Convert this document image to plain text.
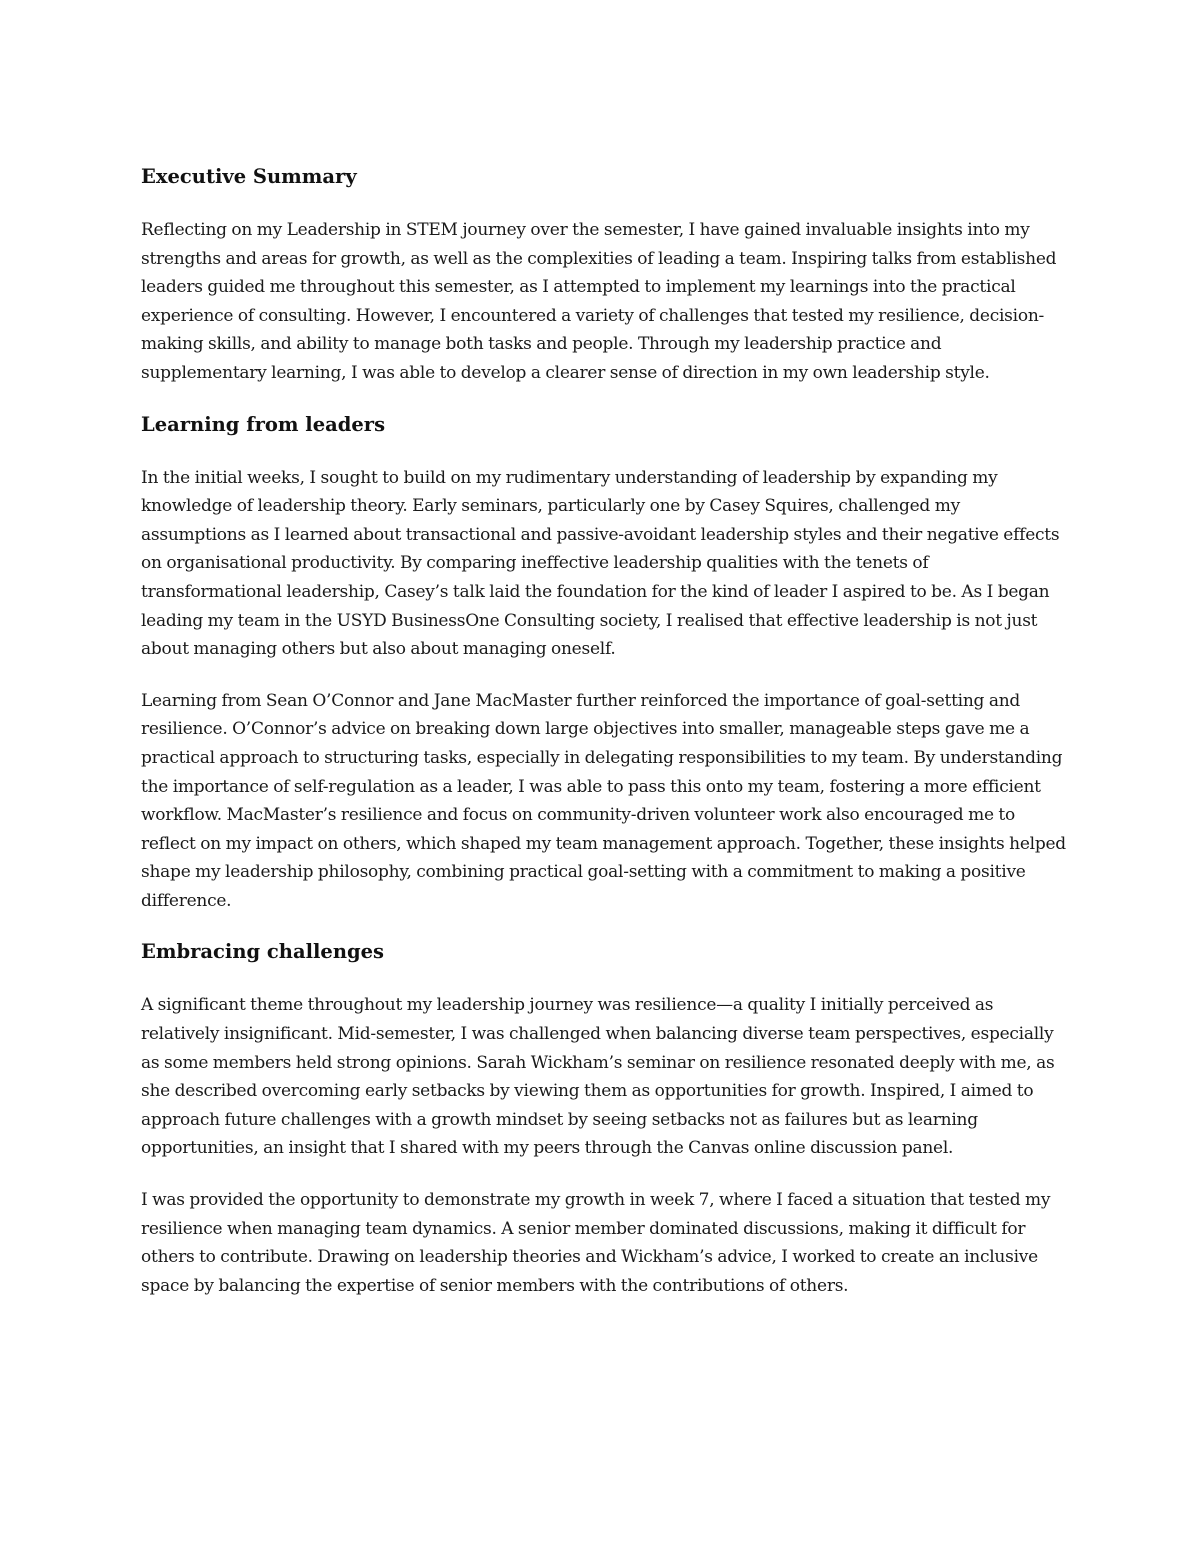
Executive Summary

Reflecting on my Leadership in STEM journey over the semester, I have gained invaluable insights into my strengths and areas for growth, as well as the complexities of leading a team. Inspiring talks from established leaders guided me throughout this semester, as I attempted to implement my learnings into the practical experience of consulting. However, I encountered a variety of challenges that tested my resilience, decision-making skills, and ability to manage both tasks and people. Through my leadership practice and supplementary learning, I was able to develop a clearer sense of direction in my own leadership style.

Learning from leaders

In the initial weeks, I sought to build on my rudimentary understanding of leadership by expanding my knowledge of leadership theory. Early seminars, particularly one by Casey Squires, challenged my assumptions as I learned about transactional and passive-avoidant leadership styles and their negative effects on organisational productivity. By comparing ineffective leadership qualities with the tenets of transformational leadership, Casey’s talk laid the foundation for the kind of leader I aspired to be. As I began leading my team in the USYD BusinessOne Consulting society, I realised that effective leadership is not just about managing others but also about managing oneself.

Learning from Sean O’Connor and Jane MacMaster further reinforced the importance of goal-setting and resilience. O’Connor’s advice on breaking down large objectives into smaller, manageable steps gave me a practical approach to structuring tasks, especially in delegating responsibilities to my team. By understanding the importance of self-regulation as a leader, I was able to pass this onto my team, fostering a more efficient workflow. MacMaster’s resilience and focus on community-driven volunteer work also encouraged me to reflect on my impact on others, which shaped my team management approach. Together, these insights helped shape my leadership philosophy, combining practical goal-setting with a commitment to making a positive difference.

Embracing challenges

A significant theme throughout my leadership journey was resilience—a quality I initially perceived as relatively insignificant. Mid-semester, I was challenged when balancing diverse team perspectives, especially as some members held strong opinions. Sarah Wickham’s seminar on resilience resonated deeply with me, as she described overcoming early setbacks by viewing them as opportunities for growth. Inspired, I aimed to approach future challenges with a growth mindset by seeing setbacks not as failures but as learning opportunities, an insight that I shared with my peers through the Canvas online discussion panel.

I was provided the opportunity to demonstrate my growth in week 7, where I faced a situation that tested my resilience when managing team dynamics. A senior member dominated discussions, making it difficult for others to contribute. Drawing on leadership theories and Wickham’s advice, I worked to create an inclusive space by balancing the expertise of senior members with the contributions of others.
